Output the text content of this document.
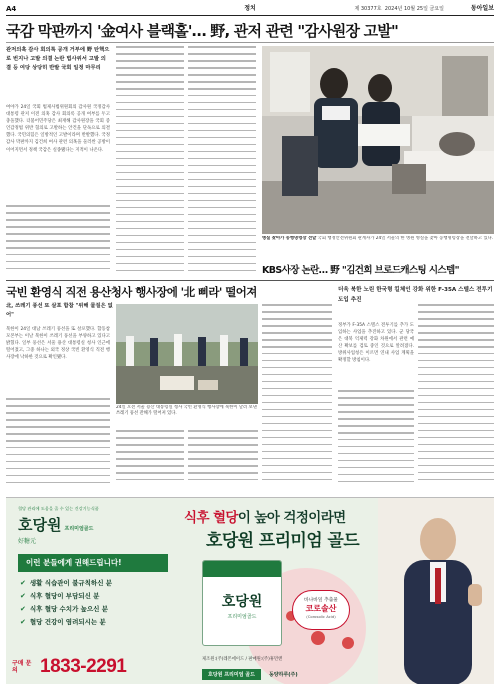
A4	정치	제 30377호 2024년 10월 25일 금요일	동아일보
국감 막판까지 '金여사 블랙홀'… 野, 관저 관련 "감사원장 고발"
관저의혹 감사 회의록 공개 거부에 野 탄핵으로 번지나 고발 의결 논란 법사위서 고발 의결 등 여당 상당히 반발 국회 일정 마무리
여야가 24일 국회 법제사법위원회의 감사원 국정감사 대통령 관저 이전 의혹 감사 회의록 공개 여부를 두고 충돌했다. 더불어민주당은 최재해 감사원장을 국회 증언감정법 위반 혐의로 고발하는 안건을 단독으로 의결했다. 국민의힘은 일방적인 고발이라며 반발했다. 국정감사 막판까지 김건희 여사 관련 의혹을 둘러싼 공방이 이어지면서 정책 국감은 실종됐다는 지적이 나온다.
병실 찾아가 동행명령장 전달 국회 행정안전위원회 관계자가 24일 서울의 한 병원 병실을 찾아 동행명령장을 전달하고 있다.
KBS사장 논란… 野 "김건희 브로드캐스팅 시스템"
국빈 환영식 직전 용산청사 행사장에 '北 삐라' 떨어져
北, 쓰레기 풍선 또 살포 합참 "위해 물질은 없어"
북한이 24일 대남 쓰레기 풍선을 또 살포했다. 합동참모본부는 이날 북한이 쓰레기 풍선을 부양하고 있다고 밝혔다. 일부 풍선은 서울 용산 대통령실 청사 인근에 떨어졌고, 그중 하나는 외국 정상 국빈 환영식 직전 행사장에 낙하한 것으로 확인됐다.
24일 오전 서울 용산 대통령실 청사 국빈 환영식 행사장에 북한이 날려 보낸 쓰레기 풍선 잔해가 떨어져 있다.
더욱 북한 노린 한국형 킬체인 강화 위한 F-35A 스텔스 전투기 도입 추진
정부가 F-35A 스텔스 전투기를 추가 도입하는 사업을 추진하고 있다. 군 당국은 대북 억제력 강화 차원에서 관련 예산 확보를 검토 중인 것으로 알려졌다. 방위사업청은 이르면 연내 사업 계획을 확정할 방침이다.
혈당 관리에 도움을 줄 수 있는 건강기능식품
호당원 프리미엄골드
好糖元
식후 혈당이 높아 걱정이라면
호당원 프리미엄 골드
이런 분들에게 권해드립니다!
✔ 생활 식습관이 불규칙하신 분
✔ 식후 혈당이 부담되신 분
✔ 식후 혈당 수치가 높으신 분
✔ 혈당 건강이 염려되시는 분
호당원
프리미엄골드
바나바잎 추출물
코로솔산
(Corosolic Acid)
구매 문의	1833-2291	제조원:(주)레몬에이드 / 판매원:(주)휴먼앤
호당원 프리미엄 골드	동양하루(주)
